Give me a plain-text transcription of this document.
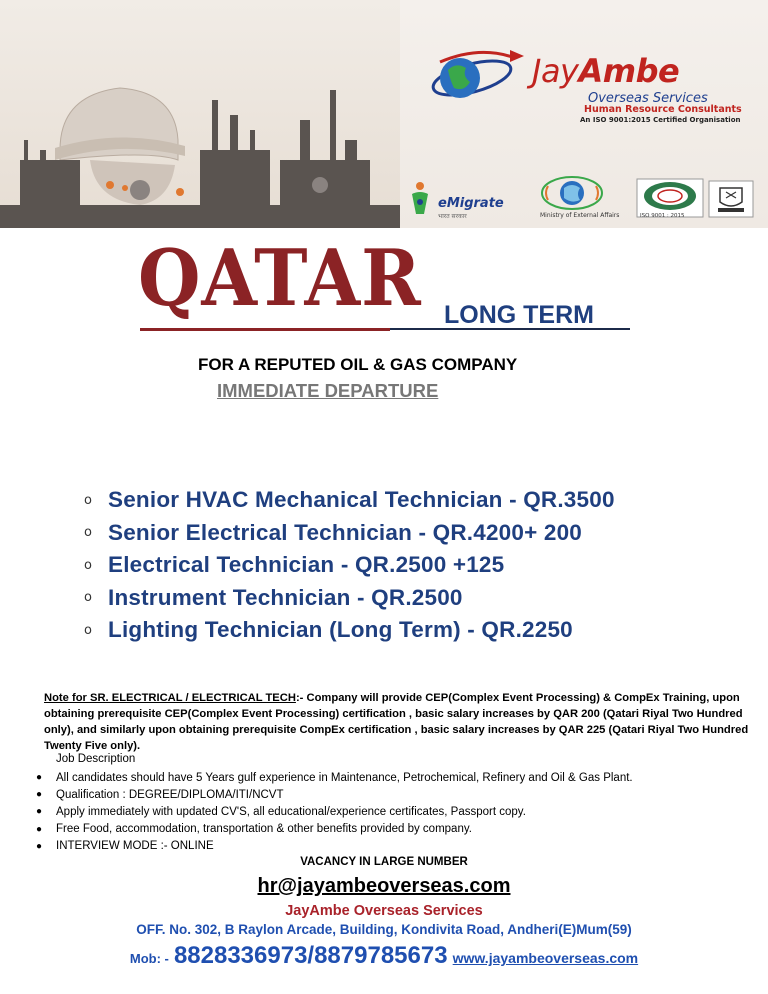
JayAmbe
Overseas Services
Human Resource Consultants
An ISO 9001:2015 Certified Organisation
eMigrate
भारत सरकार	Ministry of External Affairs	ISO 9001 : 2015
QATAR LONG TERM
FOR A REPUTED OIL & GAS COMPANY
IMMEDIATE DEPARTURE
o Senior HVAC Mechanical Technician - QR.3500
o Senior Electrical Technician - QR.4200+ 200
o Electrical Technician - QR.2500 +125
o Instrument Technician - QR.2500
o Lighting Technician (Long Term) - QR.2250
Note for SR. ELECTRICAL / ELECTRICAL TECH:- Company will provide CEP(Complex Event Processing) & CompEx Training, upon obtaining prerequisite CEP(Complex Event Processing) certification , basic salary increases by QAR 200 (Qatari Riyal Two Hundred only), and similarly upon obtaining prerequisite CompEx certification , basic salary increases by QAR 225 (Qatari Riyal Two Hundred Twenty Five only).
Job Description
●	All candidates should have 5 Years gulf experience in Maintenance, Petrochemical, Refinery and Oil & Gas Plant.
●	Qualification : DEGREE/DIPLOMA/ITI/NCVT
●	Apply immediately with updated CV'S, all educational/experience certificates, Passport copy.
●	Free Food, accommodation, transportation & other benefits provided by company.
●	INTERVIEW MODE :- ONLINE
VACANCY IN LARGE NUMBER
hr@jayambeoverseas.com
JayAmbe Overseas Services
OFF. No. 302, B Raylon Arcade, Building, Kondivita Road, Andheri(E)Mum(59)
Mob: - 8828336973/8879785673 www.jayambeoverseas.com
